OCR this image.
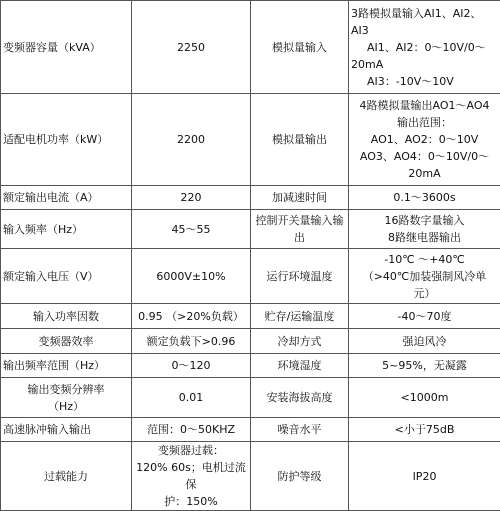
变频器容量（kVA）	2250	模拟量输入	3路模拟量输入AI1、AI2、
AI3
AI1、AI2：0～10V/0～
20mA
AI3：-10V～10V

适配电机功率（kW）	2200	模拟量输出	4路模拟量输出AO1～AO4
输出范围：
AO1、AO2：0～10V
AO3、AO4：0～10V/0～
20mA

额定输出电流（A）	220	加减速时间	0.1～3600s

输入频率（Hz）	45～55	控制开关量输入输
出	16路数字量输入
8路继电器输出

额定输入电压（V）	6000V±10%	运行环境温度	-10℃ ～+40℃
（>40℃加装强制风冷单
元）

输入功率因数	0.95 （>20%负载）	贮存/运输温度	-40～70度

变频器效率	额定负载下>0.96	冷却方式	强迫风冷

输出频率范围（Hz）	0～120	环境湿度	5~95%，无凝露

输出变频分辨率
（Hz）	0.01	安装海拔高度	<1000m

高速脉冲输入输出	范围：0～50KHZ	噪音水平	<小于75dB

过载能力	变频器过载：
120% 60s；电机过流保
护：150%	防护等级	IP20
